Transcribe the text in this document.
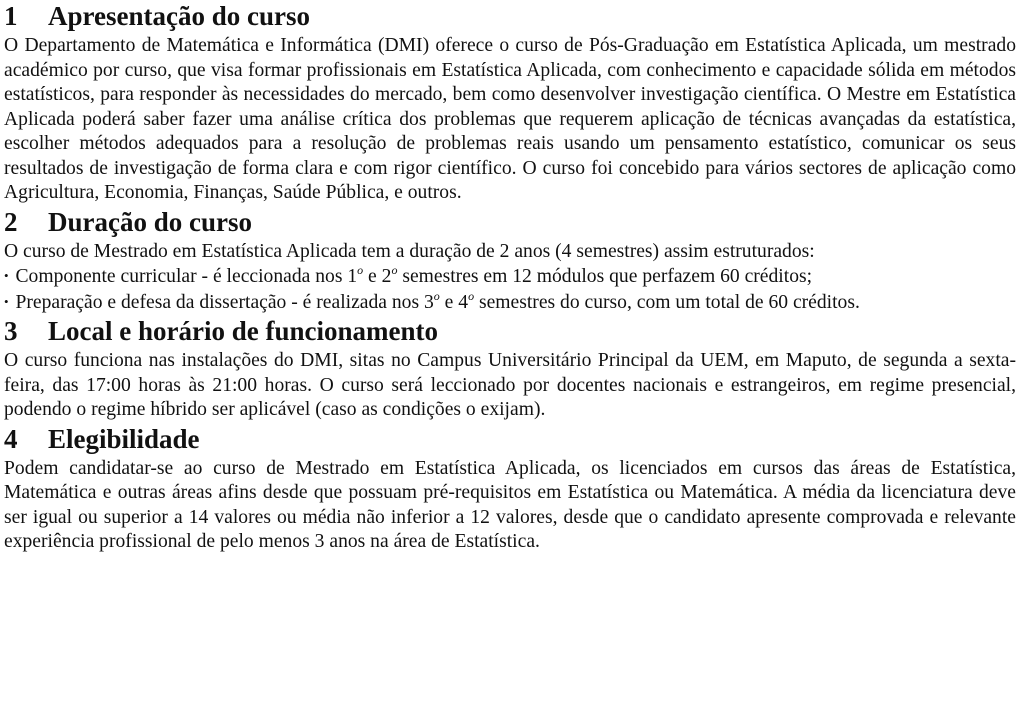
1 Apresentação do curso

O Departamento de Matemática e Informática (DMI) oferece o curso de Pós-Graduação em Estatística Aplicada, um mestrado académico por curso, que visa formar profissionais em Estatística Aplicada, com conhecimento e capacidade sólida em métodos estatísticos, para responder às necessidades do mercado, bem como desenvolver investigação científica. O Mestre em Estatística Aplicada poderá saber fazer uma análise crítica dos problemas que requerem aplicação de técnicas avançadas da estatística, escolher métodos adequados para a resolução de problemas reais usando um pensamento estatístico, comunicar os seus resultados de investigação de forma clara e com rigor científico. O curso foi concebido para vários sectores de aplicação como Agricultura, Economia, Finanças, Saúde Pública, e outros.

2 Duração do curso

O curso de Mestrado em Estatística Aplicada tem a duração de 2 anos (4 semestres) assim estruturados:

• Componente curricular - é leccionada nos 1$^o$ e 2$^o$ semestres em 12 módulos que perfazem 60 créditos;
• Preparação e defesa da dissertação - é realizada nos 3$^o$ e 4$^o$ semestres do curso, com um total de 60 créditos.
3 Local e horário de funcionamento

O curso funciona nas instalações do DMI, sitas no Campus Universitário Principal da UEM, em Maputo, de segunda a sexta-feira, das 17:00 horas às 21:00 horas. O curso será leccionado por docentes nacionais e estrangeiros, em regime presencial, podendo o regime híbrido ser aplicável (caso as condições o exijam).

4 Elegibilidade

Podem candidatar-se ao curso de Mestrado em Estatística Aplicada, os licenciados em cursos das áreas de Estatística, Matemática e outras áreas afins desde que possuam pré-requisitos em Estatística ou Matemática. A média da licenciatura deve ser igual ou superior a 14 valores ou média não inferior a 12 valores, desde que o candidato apresente comprovada e relevante experiência profissional de pelo menos 3 anos na área de Estatística.
